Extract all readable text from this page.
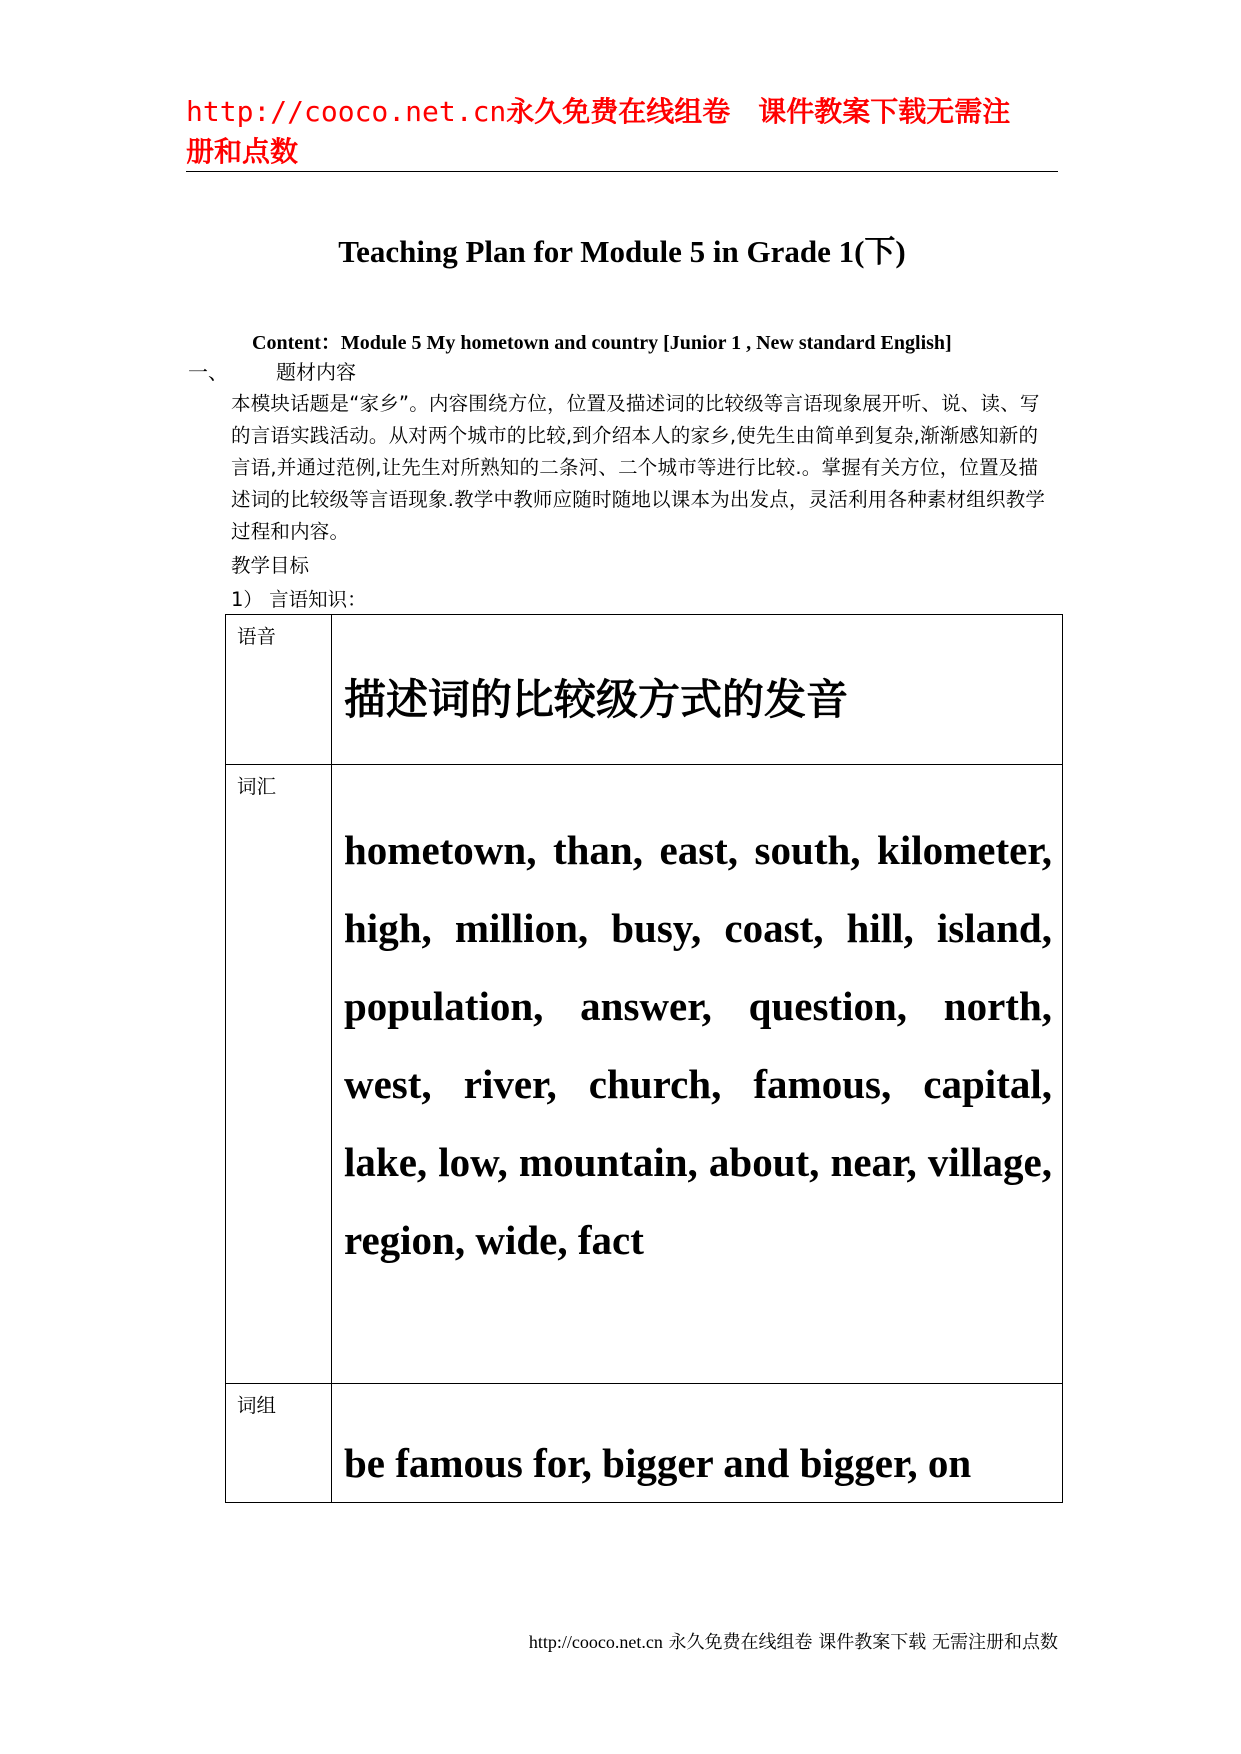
http://cooco.net.cn永久免费在线组卷　课件教案下载无需注
册和点数
Teaching Plan for Module 5 in Grade 1(下)
Content：Module 5 My hometown and country [Junior 1 , New standard English]
一、 题材内容
本模块话题是“家乡”。内容围绕方位，位置及描述词的比较级等言语现象展开听、说、读、写的言语实践活动。从对两个城市的比较,到介绍本人的家乡,使先生由简单到复杂,渐渐感知新的言语,并通过范例,让先生对所熟知的二条河、二个城市等进行比较.。掌握有关方位，位置及描述词的比较级等言语现象.教学中教师应随时随地以课本为出发点，灵活利用各种素材组织教学过程和内容。
教学目标
1） 言语知识：
语音	描述词的比较级方式的发音

词汇	hometown, than, east, south, kilometer, high, million, busy, coast, hill, island, population, answer, question, north, west, river, church, famous, capital, lake, low, mountain, about, near, village, region, wide, fact

词组	be famous for, bigger and bigger, on
http://cooco.net.cn 永久免费在线组卷 课件教案下载 无需注册和点数
